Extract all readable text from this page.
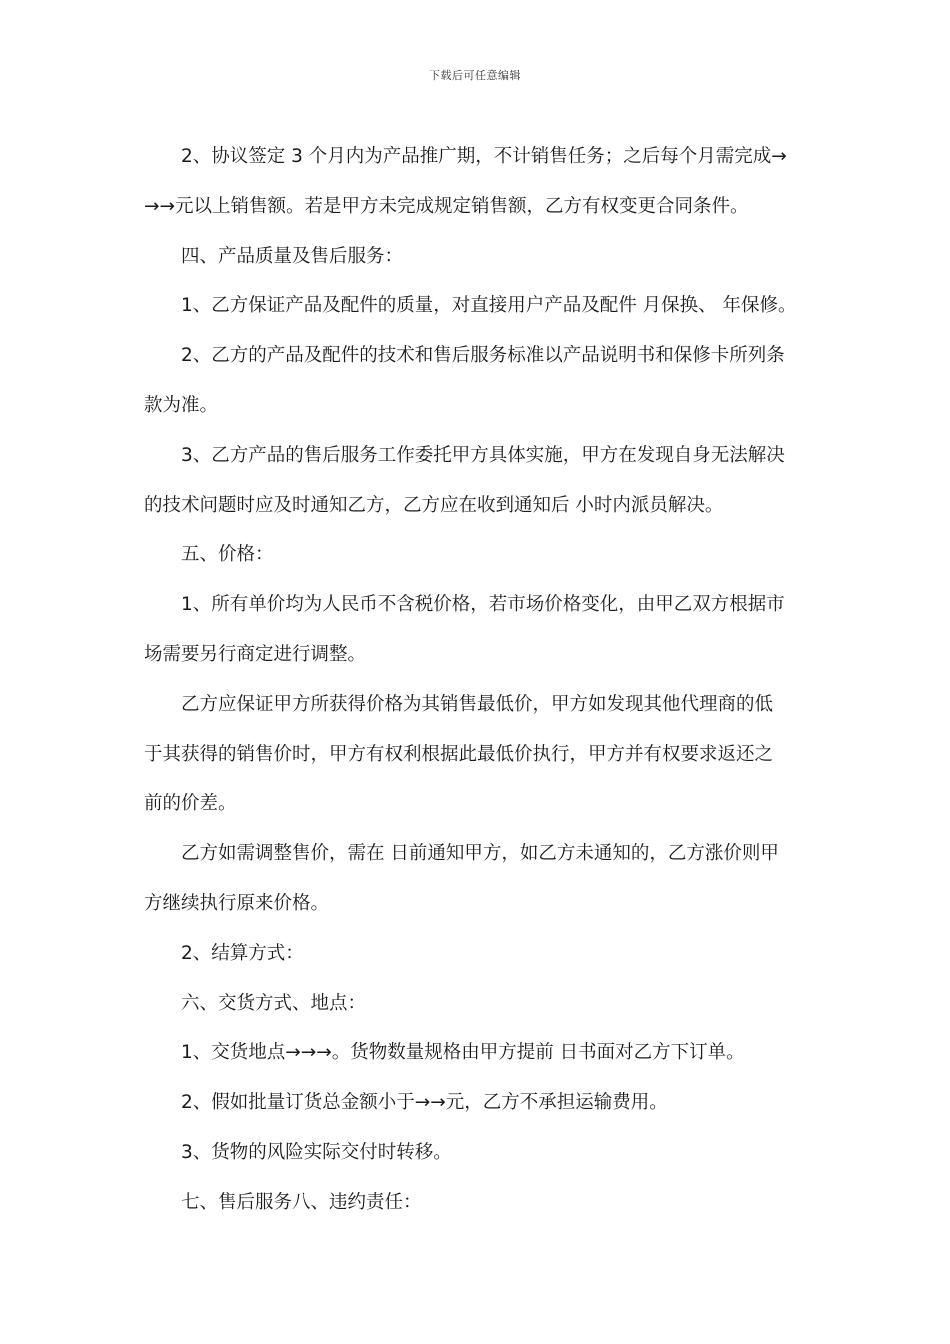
下载后可任意编辑

2、协议签定 3 个月内为产品推广期，不计销售任务；之后每个月需完成→
→→元以上销售额。若是甲方未完成规定销售额，乙方有权变更合同条件。

四、产品质量及售后服务：

1、乙方保证产品及配件的质量，对直接用户产品及配件 月保换、 年保修。

2、乙方的产品及配件的技术和售后服务标准以产品说明书和保修卡所列条
款为准。

3、乙方产品的售后服务工作委托甲方具体实施，甲方在发现自身无法解决
的技术问题时应及时通知乙方，乙方应在收到通知后 小时内派员解决。

五、价格：

1、所有单价均为人民币不含税价格，若市场价格变化，由甲乙双方根据市
场需要另行商定进行调整。

乙方应保证甲方所获得价格为其销售最低价，甲方如发现其他代理商的低
于其获得的销售价时，甲方有权利根据此最低价执行，甲方并有权要求返还之
前的价差。

乙方如需调整售价，需在 日前通知甲方，如乙方未通知的，乙方涨价则甲
方继续执行原来价格。

2、结算方式：

六、交货方式、地点：

1、交货地点→→→。货物数量规格由甲方提前 日书面对乙方下订单。

2、假如批量订货总金额小于→→元，乙方不承担运输费用。

3、货物的风险实际交付时转移。

七、售后服务八、违约责任：
